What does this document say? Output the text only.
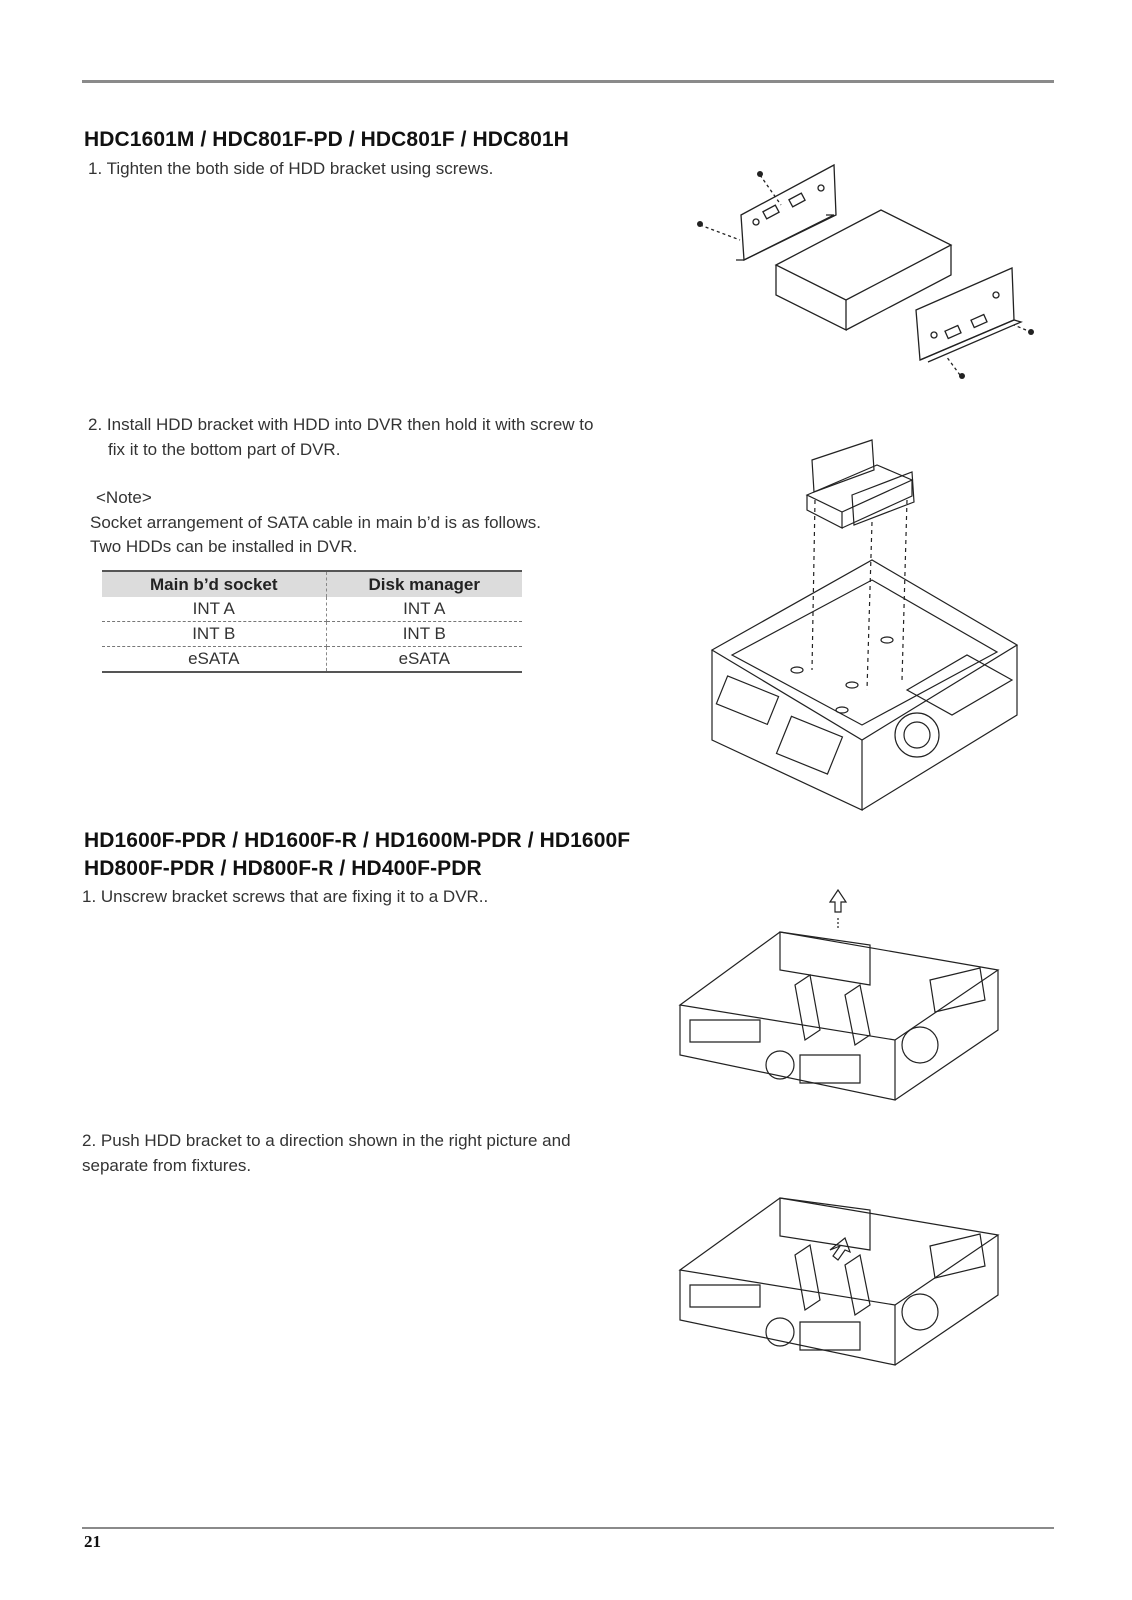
HDC1601M / HDC801F-PD / HDC801F / HDC801H

1. Tighten the both side of HDD bracket using screws.

2. Install HDD bracket with HDD into DVR then hold it with screw to

fix it to the bottom part of DVR.

<Note>

Socket arrangement of SATA cable in main b’d is as follows.

Two HDDs can be installed in DVR.

Main b’d socket	Disk manager
INT A	INT A
INT B	INT B
eSATA	eSATA
HD1600F-PDR / HD1600F-R / HD1600M-PDR / HD1600F
HD800F-PDR / HD800F-R / HD400F-PDR

1. Unscrew bracket screws that are fixing it to a DVR..

2. Push HDD bracket to a direction shown in the right picture and

separate from fixtures.

21
